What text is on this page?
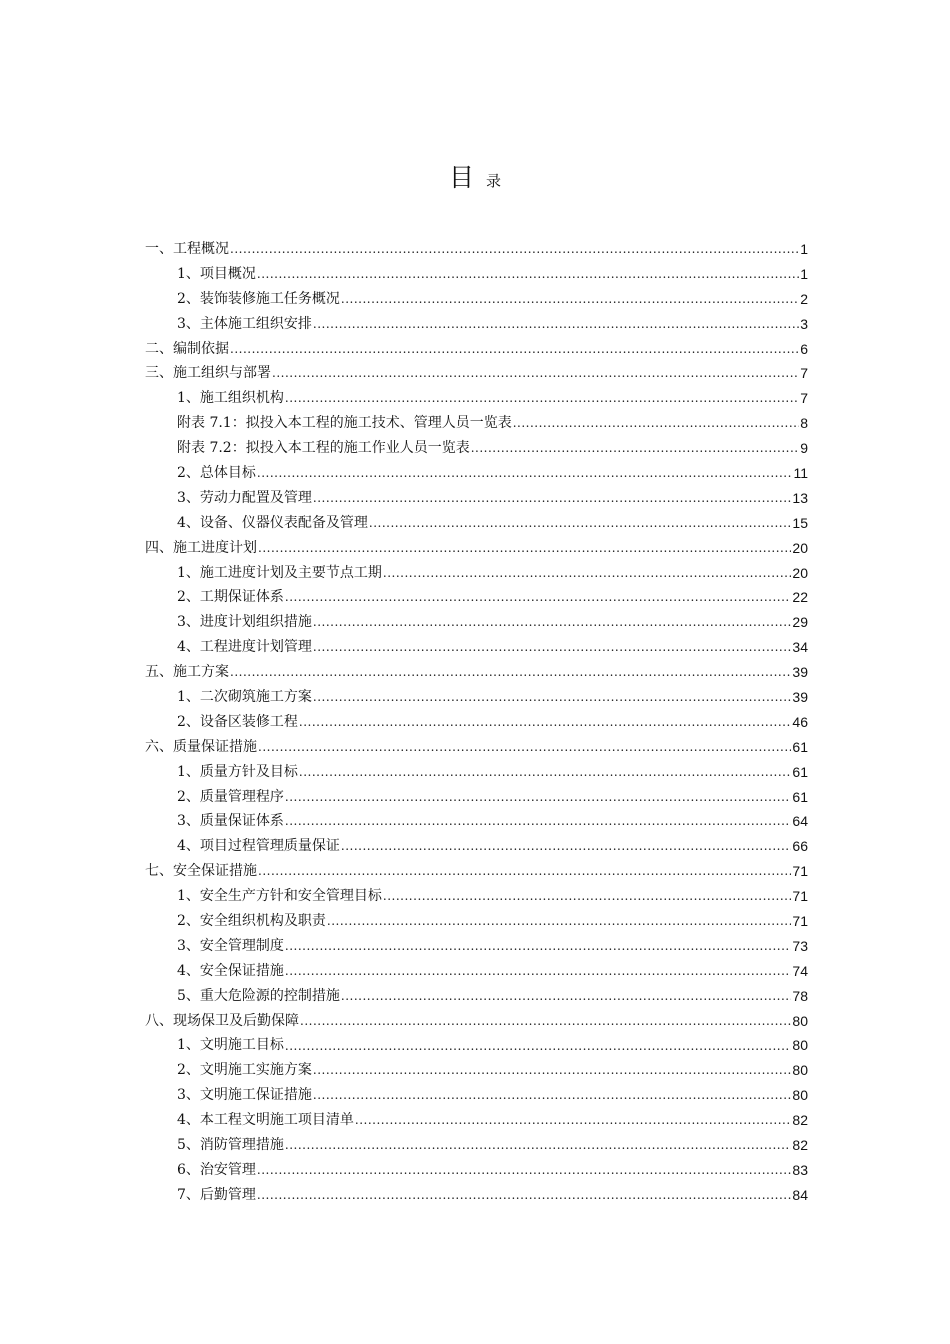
目录
一、工程概况 .....	1
1、项目概况 .....	1
2、装饰装修施工任务概况 .....	2
3、主体施工组织安排 .....	3
二、编制依据 .....	6
三、施工组织与部署 .....	7
1、施工组织机构 .....	7
附表 7.1：拟投入本工程的施工技术、管理人员一览表 .....	8
附表 7.2：拟投入本工程的施工作业人员一览表 .....	9
2、总体目标 .....	11
3、劳动力配置及管理 .....	13
4、设备、仪器仪表配备及管理 .....	15
四、施工进度计划 .....	20
1、施工进度计划及主要节点工期 .....	20
2、工期保证体系 .....	22
3、进度计划组织措施 .....	29
4、工程进度计划管理 .....	34
五、施工方案 .....	39
1、二次砌筑施工方案 .....	39
2、设备区装修工程 .....	46
六、质量保证措施 .....	61
1、质量方针及目标 .....	61
2、质量管理程序 .....	61
3、质量保证体系 .....	64
4、项目过程管理质量保证 .....	66
七、安全保证措施 .....	71
1、安全生产方针和安全管理目标 .....	71
2、安全组织机构及职责 .....	71
3、安全管理制度 .....	73
4、安全保证措施 .....	74
5、重大危险源的控制措施 .....	78
八、现场保卫及后勤保障 .....	80
1、文明施工目标 .....	80
2、文明施工实施方案 .....	80
3、文明施工保证措施 .....	80
4、本工程文明施工项目清单 .....	82
5、消防管理措施 .....	82
6、治安管理 .....	83
7、后勤管理 .....	84
